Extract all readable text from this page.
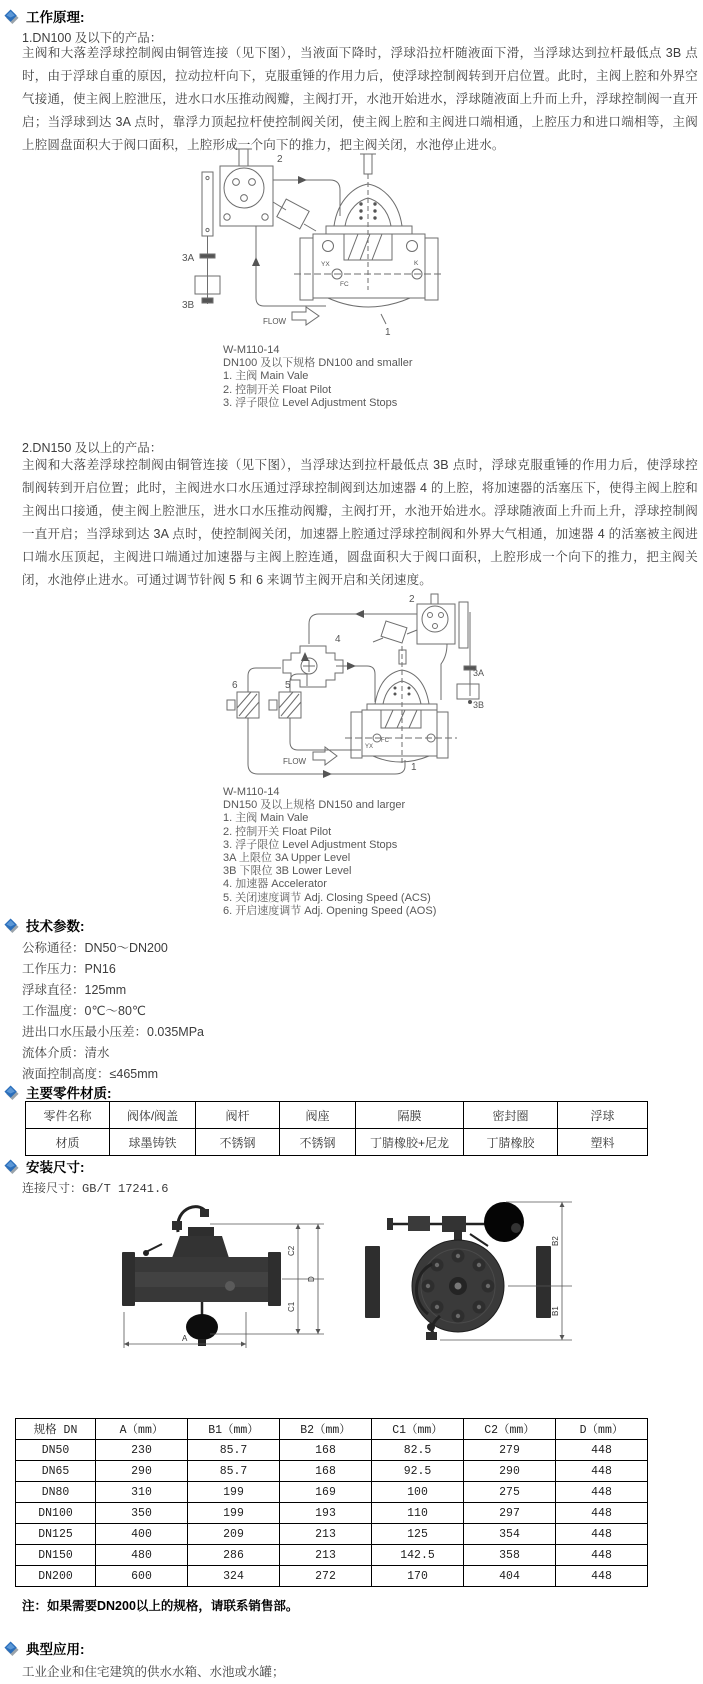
工作原理:
1.DN100 及以下的产品：
主阀和大落差浮球控制阀由铜管连接（见下图），当液面下降时，浮球沿拉杆随液面下滑，当浮球达到拉杆最低点 3B 点时，由于浮球自重的原因，拉动拉杆向下，克服重锤的作用力后，使浮球控制阀转到开启位置。此时，主阀上腔和外界空气接通，使主阀上腔泄压，进水口水压推动阀瓣，主阀打开，水池开始进水，浮球随液面上升而上升，浮球控制阀一直开启；当浮球到达 3A 点时，靠浮力顶起拉杆使控制阀关闭，使主阀上腔和主阀进口端相通，上腔压力和进口端相等，主阀上腔圆盘面积大于阀口面积，上腔形成一个向下的推力，把主阀关闭，水池停止进水。
2
3A
3B
YX
FC
K
1
FLOW
W-M110-14
DN100 及以下规格 DN100 and smaller
1. 主阀 Main Vale
2. 控制开关 Float Pilot
3. 浮子限位 Level Adjustment Stops
2.DN150 及以上的产品：
主阀和大落差浮球控制阀由铜管连接（见下图），当浮球达到拉杆最低点 3B 点时，浮球克服重锤的作用力后，使浮球控制阀转到开启位置；此时，主阀进水口水压通过浮球控制阀到达加速器 4 的上腔，将加速器的活塞压下，使得主阀上腔和主阀出口接通，使主阀上腔泄压，进水口水压推动阀瓣，主阀打开，水池开始进水。浮球随液面上升而上升，浮球控制阀一直开启；当浮球到达 3A 点时，使控制阀关闭，加速器上腔通过浮球控制阀和外界大气相通，加速器 4 的活塞被主阀进口端水压顶起，主阀进口端通过加速器与主阀上腔连通，圆盘面积大于阀口面积，上腔形成一个向下的推力，把主阀关闭，水池停止进水。可通过调节针阀 5 和 6 来调节主阀开启和关闭速度。
2
3A
3B
4
5
6
YX
FC
1
FLOW
W-M110-14
DN150 及以上规格 DN150 and larger
1. 主阀 Main Vale
2. 控制开关 Float Pilot
3. 浮子限位 Level Adjustment Stops
3A 上限位 3A Upper Level
3B 下限位 3B Lower Level
4. 加速器 Accelerator
5. 关闭速度调节 Adj. Closing Speed (ACS)
6. 开启速度调节 Adj. Opening Speed (AOS)
技术参数:
公称通径：DN50～DN200
工作压力：PN16
浮球直径：125mm
工作温度：0℃～80℃
进出口水压最小压差：0.035MPa
流体介质：清水
液面控制高度：≤465mm
主要零件材质:
零件名称	阀体/阀盖	阀杆	阀座	隔膜	密封圈	浮球
材质	球墨铸铁	不锈钢	不锈钢	丁腈橡胶+尼龙	丁腈橡胶	塑料
安装尺寸:
连接尺寸：GB/T 17241.6
C2
C1
D
A
B2
B1
规格 DN	A（mm）	B1（mm）	B2（mm）	C1（mm）	C2（mm）	D（mm）
DN50	230	85.7	168	82.5	279	448
DN65	290	85.7	168	92.5	290	448
DN80	310	199	169	100	275	448
DN100	350	199	193	110	297	448
DN125	400	209	213	125	354	448
DN150	480	286	213	142.5	358	448
DN200	600	324	272	170	404	448
注：如果需要DN200以上的规格，请联系销售部。
典型应用:
工业企业和住宅建筑的供水水箱、水池或水罐；
